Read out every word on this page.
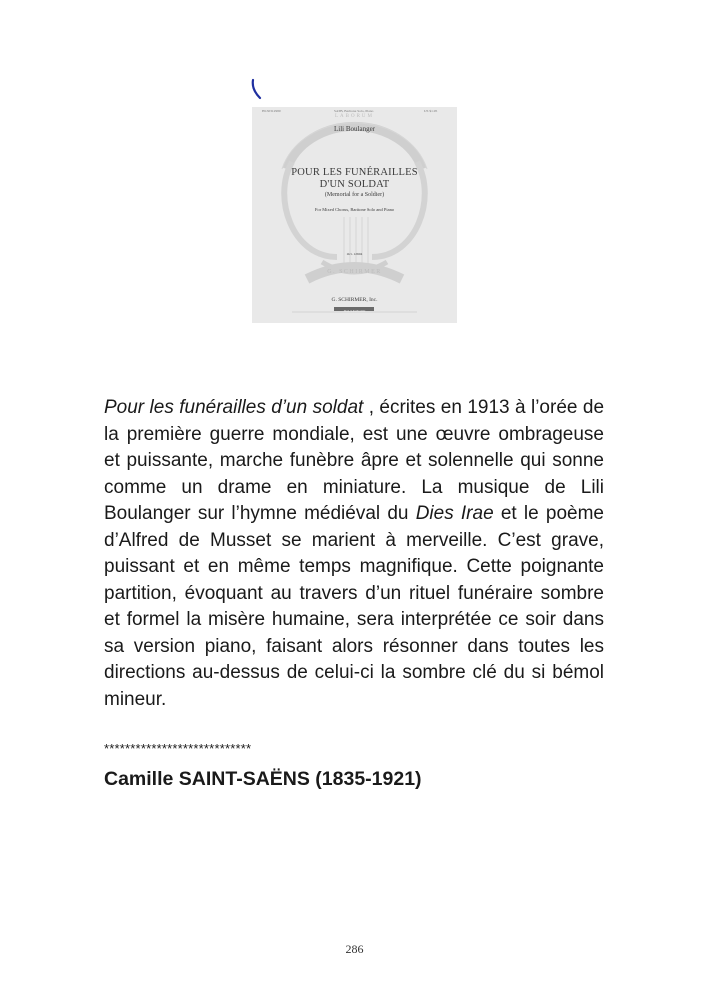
HL50312980	SATB, Baritone Solo, Piano	US $1.95
LABORUM
Lili Boulanger
POUR LES FUNÉRAILLES
D'UN SOLDAT
(Memorial for a Soldier)
For Mixed Chorus, Baritone Solo and Piano
Oct. 12604
G. SCHIRMER
G. SCHIRMER, Inc.
HAL•LEONARD

Pour les funérailles d’un soldat , écrites en 1913 à l’orée de la première guerre mondiale, est une œuvre ombrageuse et puissante, marche funèbre âpre et solennelle qui sonne comme un drame en miniature. La musique de Lili Boulanger sur l’hymne médiéval du Dies Irae et le poème d’Alfred de Musset se marient à merveille. C’est grave, puissant et en même temps magnifique. Cette poignante partition, évoquant au travers d’un rituel funéraire sombre et formel la misère humaine, sera interprétée ce soir dans sa version piano, faisant alors résonner dans toutes les directions au-dessus de celui-ci la sombre clé du si bémol mineur.

****************************
Camille SAINT-SAËNS (1835-1921)
286
